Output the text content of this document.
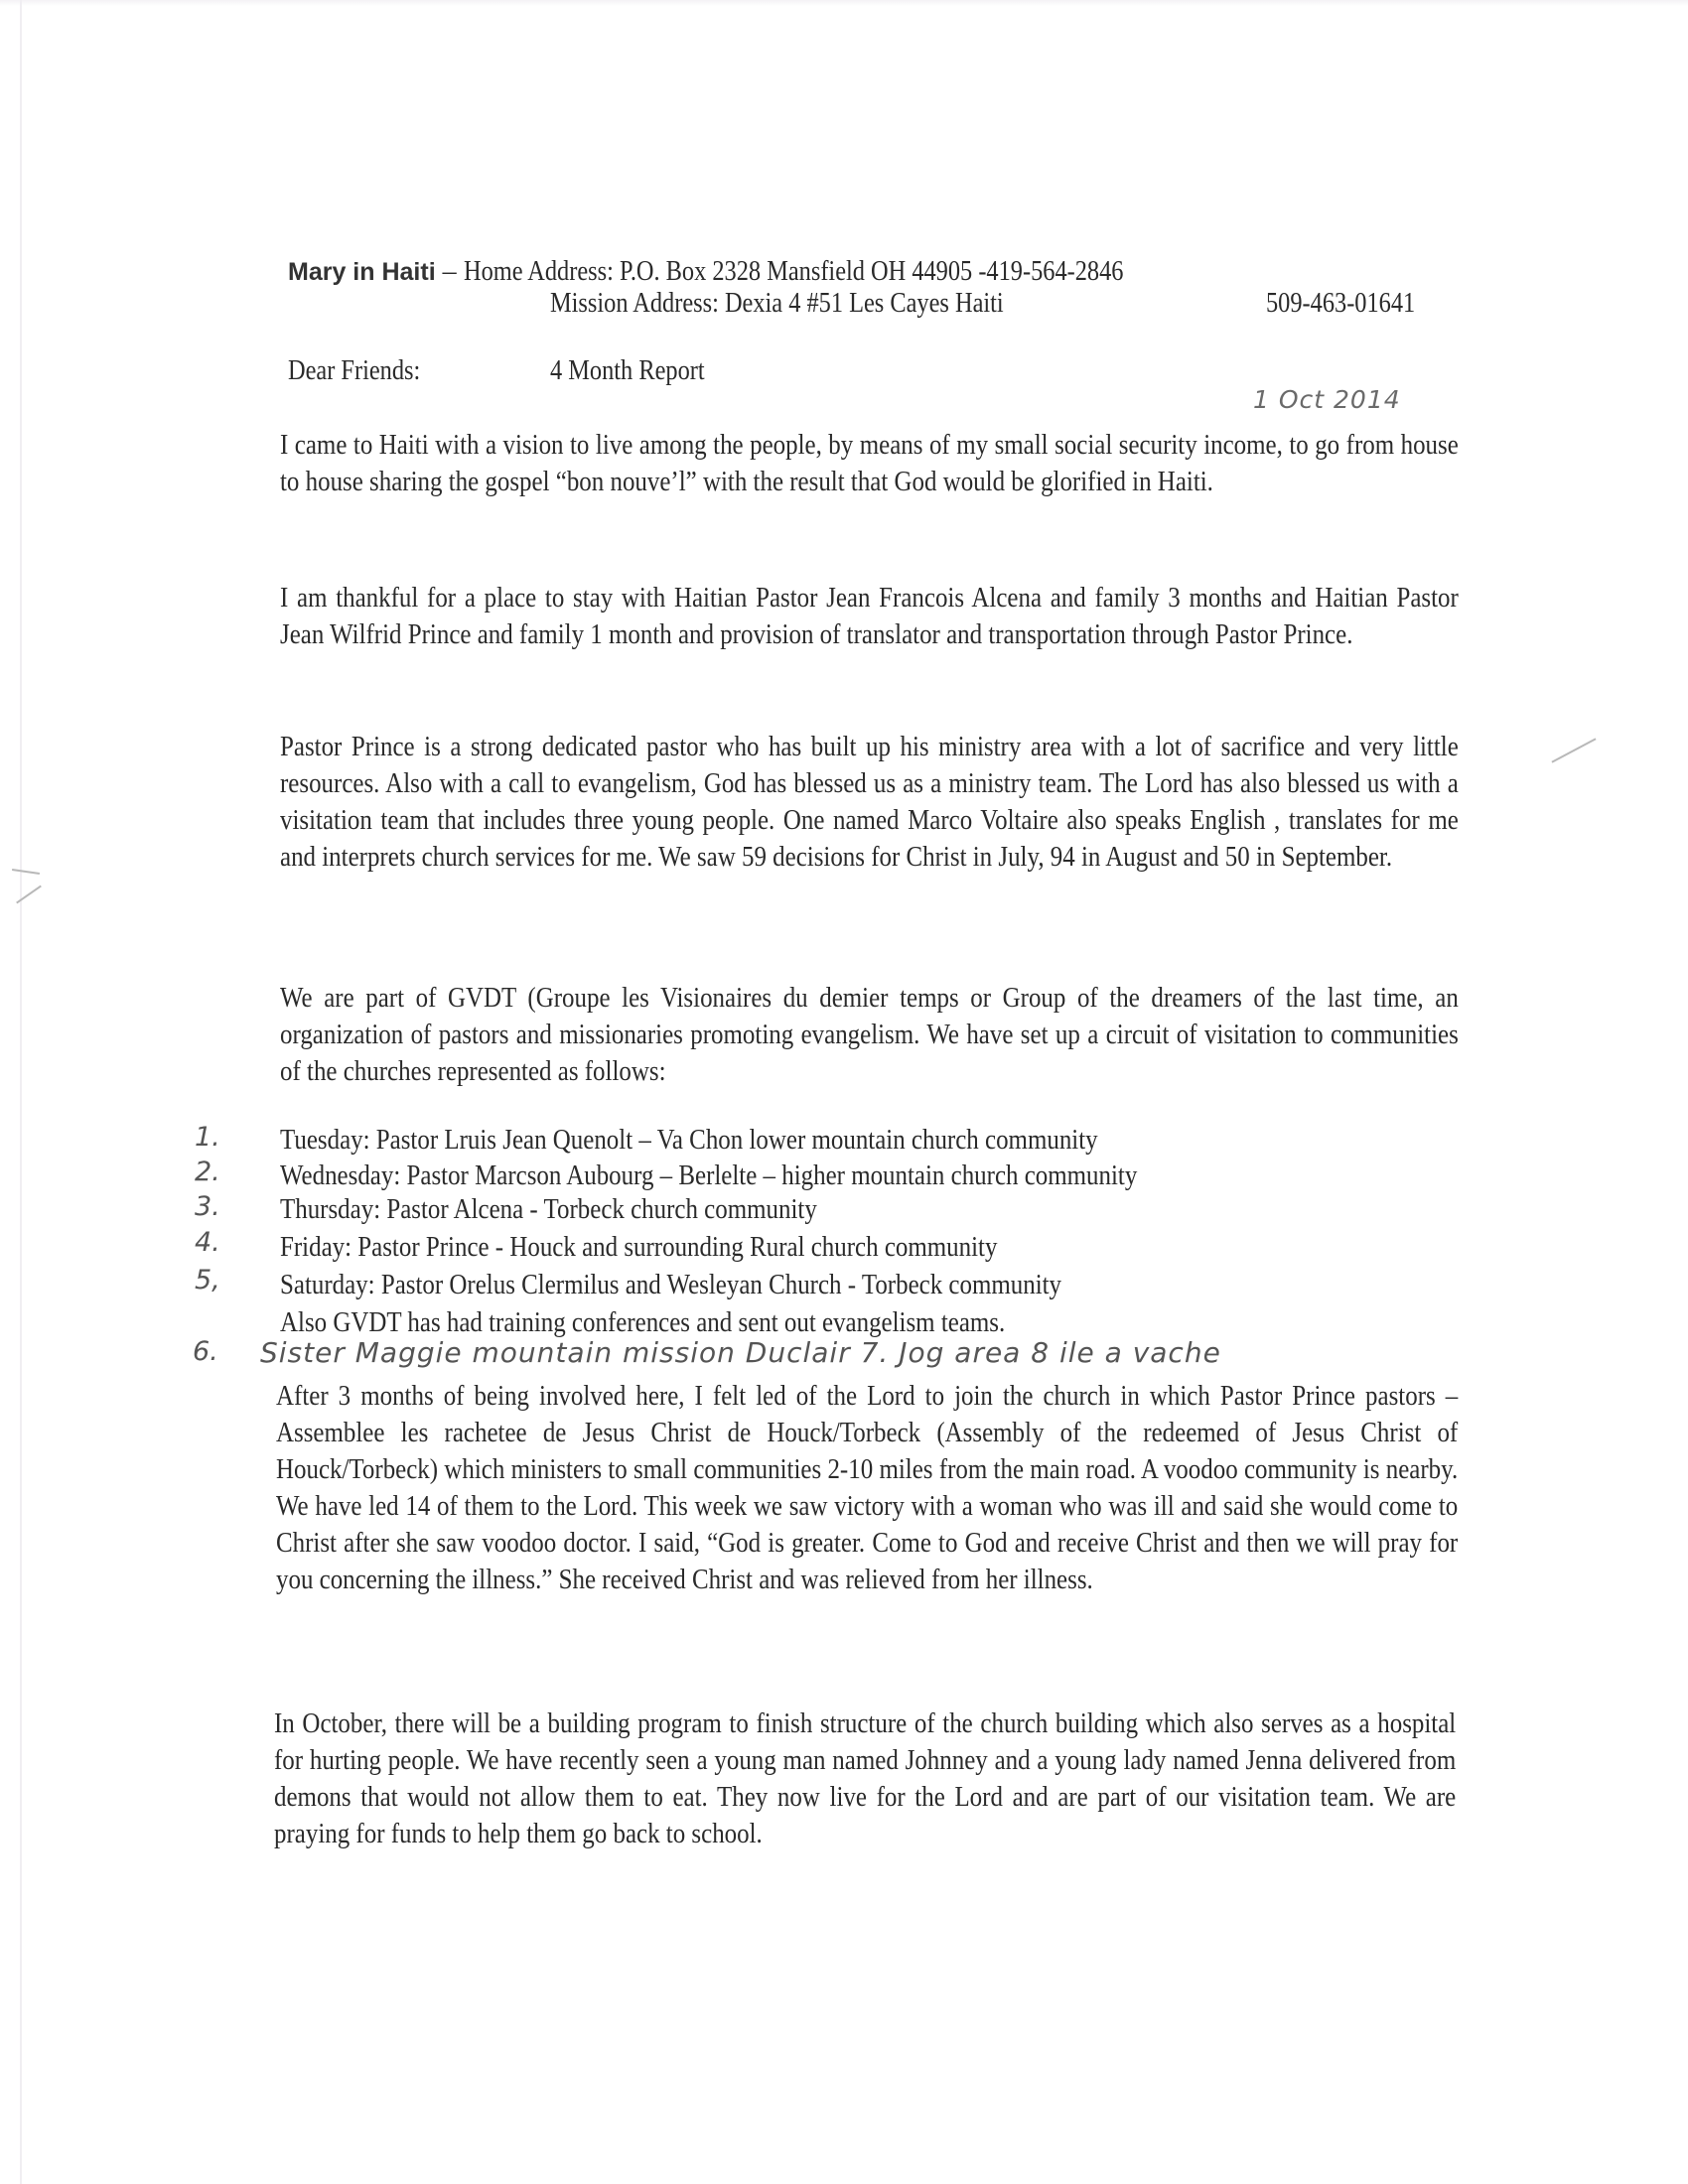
Mary in Haiti – Home Address: P.O. Box 2328 Mansfield OH 44905 -419-564-2846
Mission Address: Dexia 4 #51 Les Cayes Haiti	509-463-01641
Dear Friends:	4 Month Report
1 Oct 2014
I came to Haiti with a vision to live among the people, by means of my small social security income, to go from house to house sharing the gospel “bon nouve’l” with the result that God would be glorified in Haiti.
I am thankful for a place to stay with Haitian Pastor Jean Francois Alcena and family 3 months and Haitian Pastor Jean Wilfrid Prince and family 1 month and provision of translator and transportation through Pastor Prince.
Pastor Prince is a strong dedicated pastor who has built up his ministry area with a lot of sacrifice and very little resources. Also with a call to evangelism, God has blessed us as a ministry team. The Lord has also blessed us with a visitation team that includes three young people. One named Marco Voltaire also speaks English , translates for me and interprets church services for me. We saw 59 decisions for Christ in July, 94 in August and 50 in September.
We are part of GVDT (Groupe les Visionaires du demier temps or Group of the dreamers of the last time, an organization of pastors and missionaries promoting evangelism. We have set up a circuit of visitation to communities of the churches represented as follows:
1. Tuesday: Pastor Lruis Jean Quenolt – Va Chon lower mountain church community
2. Wednesday: Pastor Marcson Aubourg – Berlelte – higher mountain church community
3. Thursday: Pastor Alcena - Torbeck church community
4. Friday: Pastor Prince - Houck and surrounding Rural church community
5, Saturday: Pastor Orelus Clermilus and Wesleyan Church - Torbeck community
Also GVDT has had training conferences and sent out evangelism teams.
6. Sister Maggie mountain mission Duclair 7. Jog area 8 ile a vache
After 3 months of being involved here, I felt led of the Lord to join the church in which Pastor Prince pastors – Assemblee les rachetee de Jesus Christ de Houck/Torbeck (Assembly of the redeemed of Jesus Christ of Houck/Torbeck) which ministers to small communities 2-10 miles from the main road. A voodoo community is nearby. We have led 14 of them to the Lord. This week we saw victory with a woman who was ill and said she would come to Christ after she saw voodoo doctor. I said, “God is greater. Come to God and receive Christ and then we will pray for you concerning the illness.” She received Christ and was relieved from her illness.
In October, there will be a building program to finish structure of the church building which also serves as a hospital for hurting people. We have recently seen a young man named Johnney and a young lady named Jenna delivered from demons that would not allow them to eat. They now live for the Lord and are part of our visitation team. We are praying for funds to help them go back to school.
